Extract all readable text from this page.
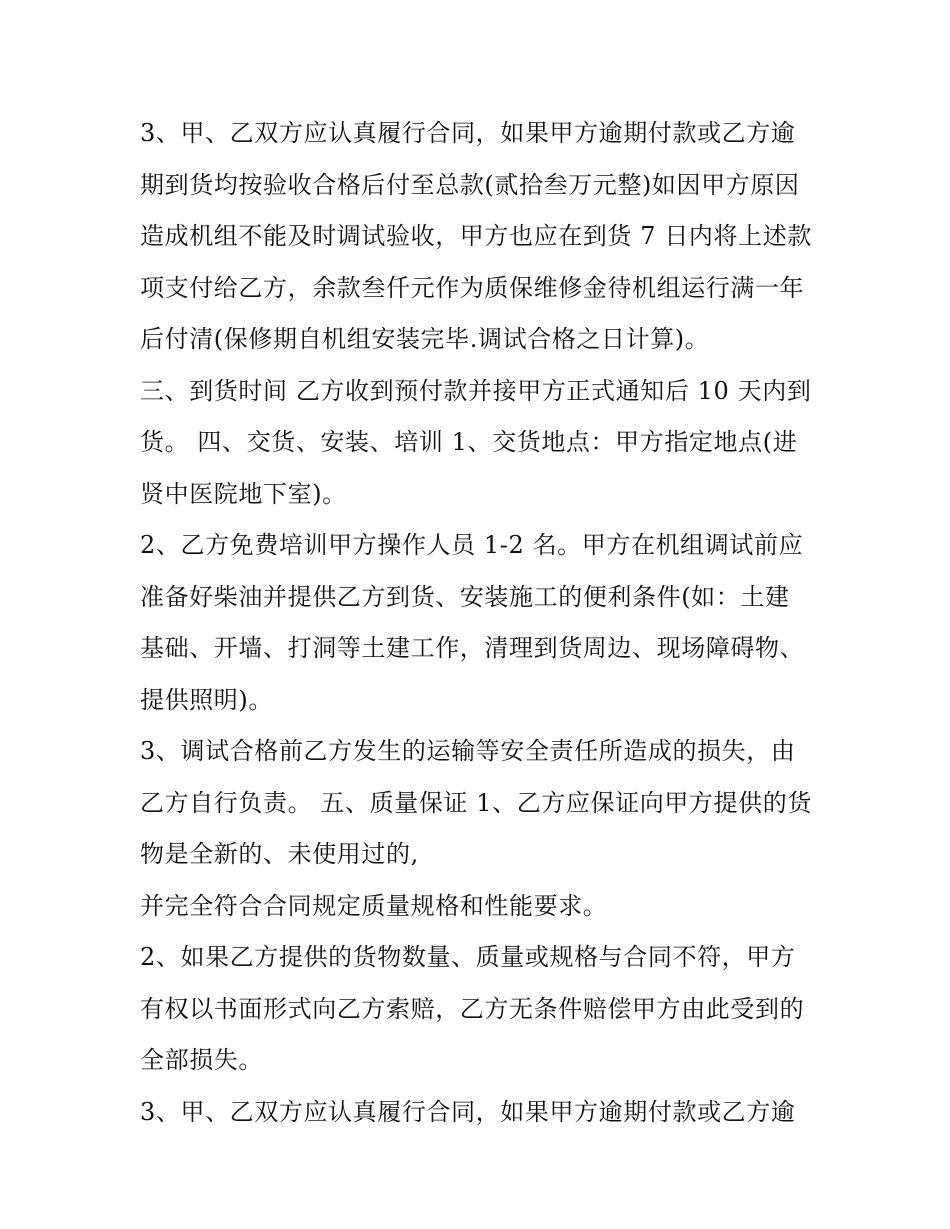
3、甲、乙双方应认真履行合同，如果甲方逾期付款或乙方逾
期到货均按验收合格后付至总款(贰拾叁万元整)如因甲方原因
造成机组不能及时调试验收，甲方也应在到货 7 日内将上述款
项支付给乙方，余款叁仟元作为质保维修金待机组运行满一年
后付清(保修期自机组安装完毕.调试合格之日计算)。
三、到货时间 乙方收到预付款并接甲方正式通知后 10 天内到
货。 四、交货、安装、培训 1、交货地点：甲方指定地点(进
贤中医院地下室)。
2、乙方免费培训甲方操作人员 1-2 名。甲方在机组调试前应
准备好柴油并提供乙方到货、安装施工的便利条件(如：土建
基础、开墙、打洞等土建工作，清理到货周边、现场障碍物、
提供照明)。
3、调试合格前乙方发生的运输等安全责任所造成的损失，由
乙方自行负责。 五、质量保证 1、乙方应保证向甲方提供的货
物是全新的、未使用过的,
并完全符合合同规定质量规格和性能要求。
2、如果乙方提供的货物数量、质量或规格与合同不符，甲方
有权以书面形式向乙方索赔，乙方无条件赔偿甲方由此受到的
全部损失。
3、甲、乙双方应认真履行合同，如果甲方逾期付款或乙方逾
